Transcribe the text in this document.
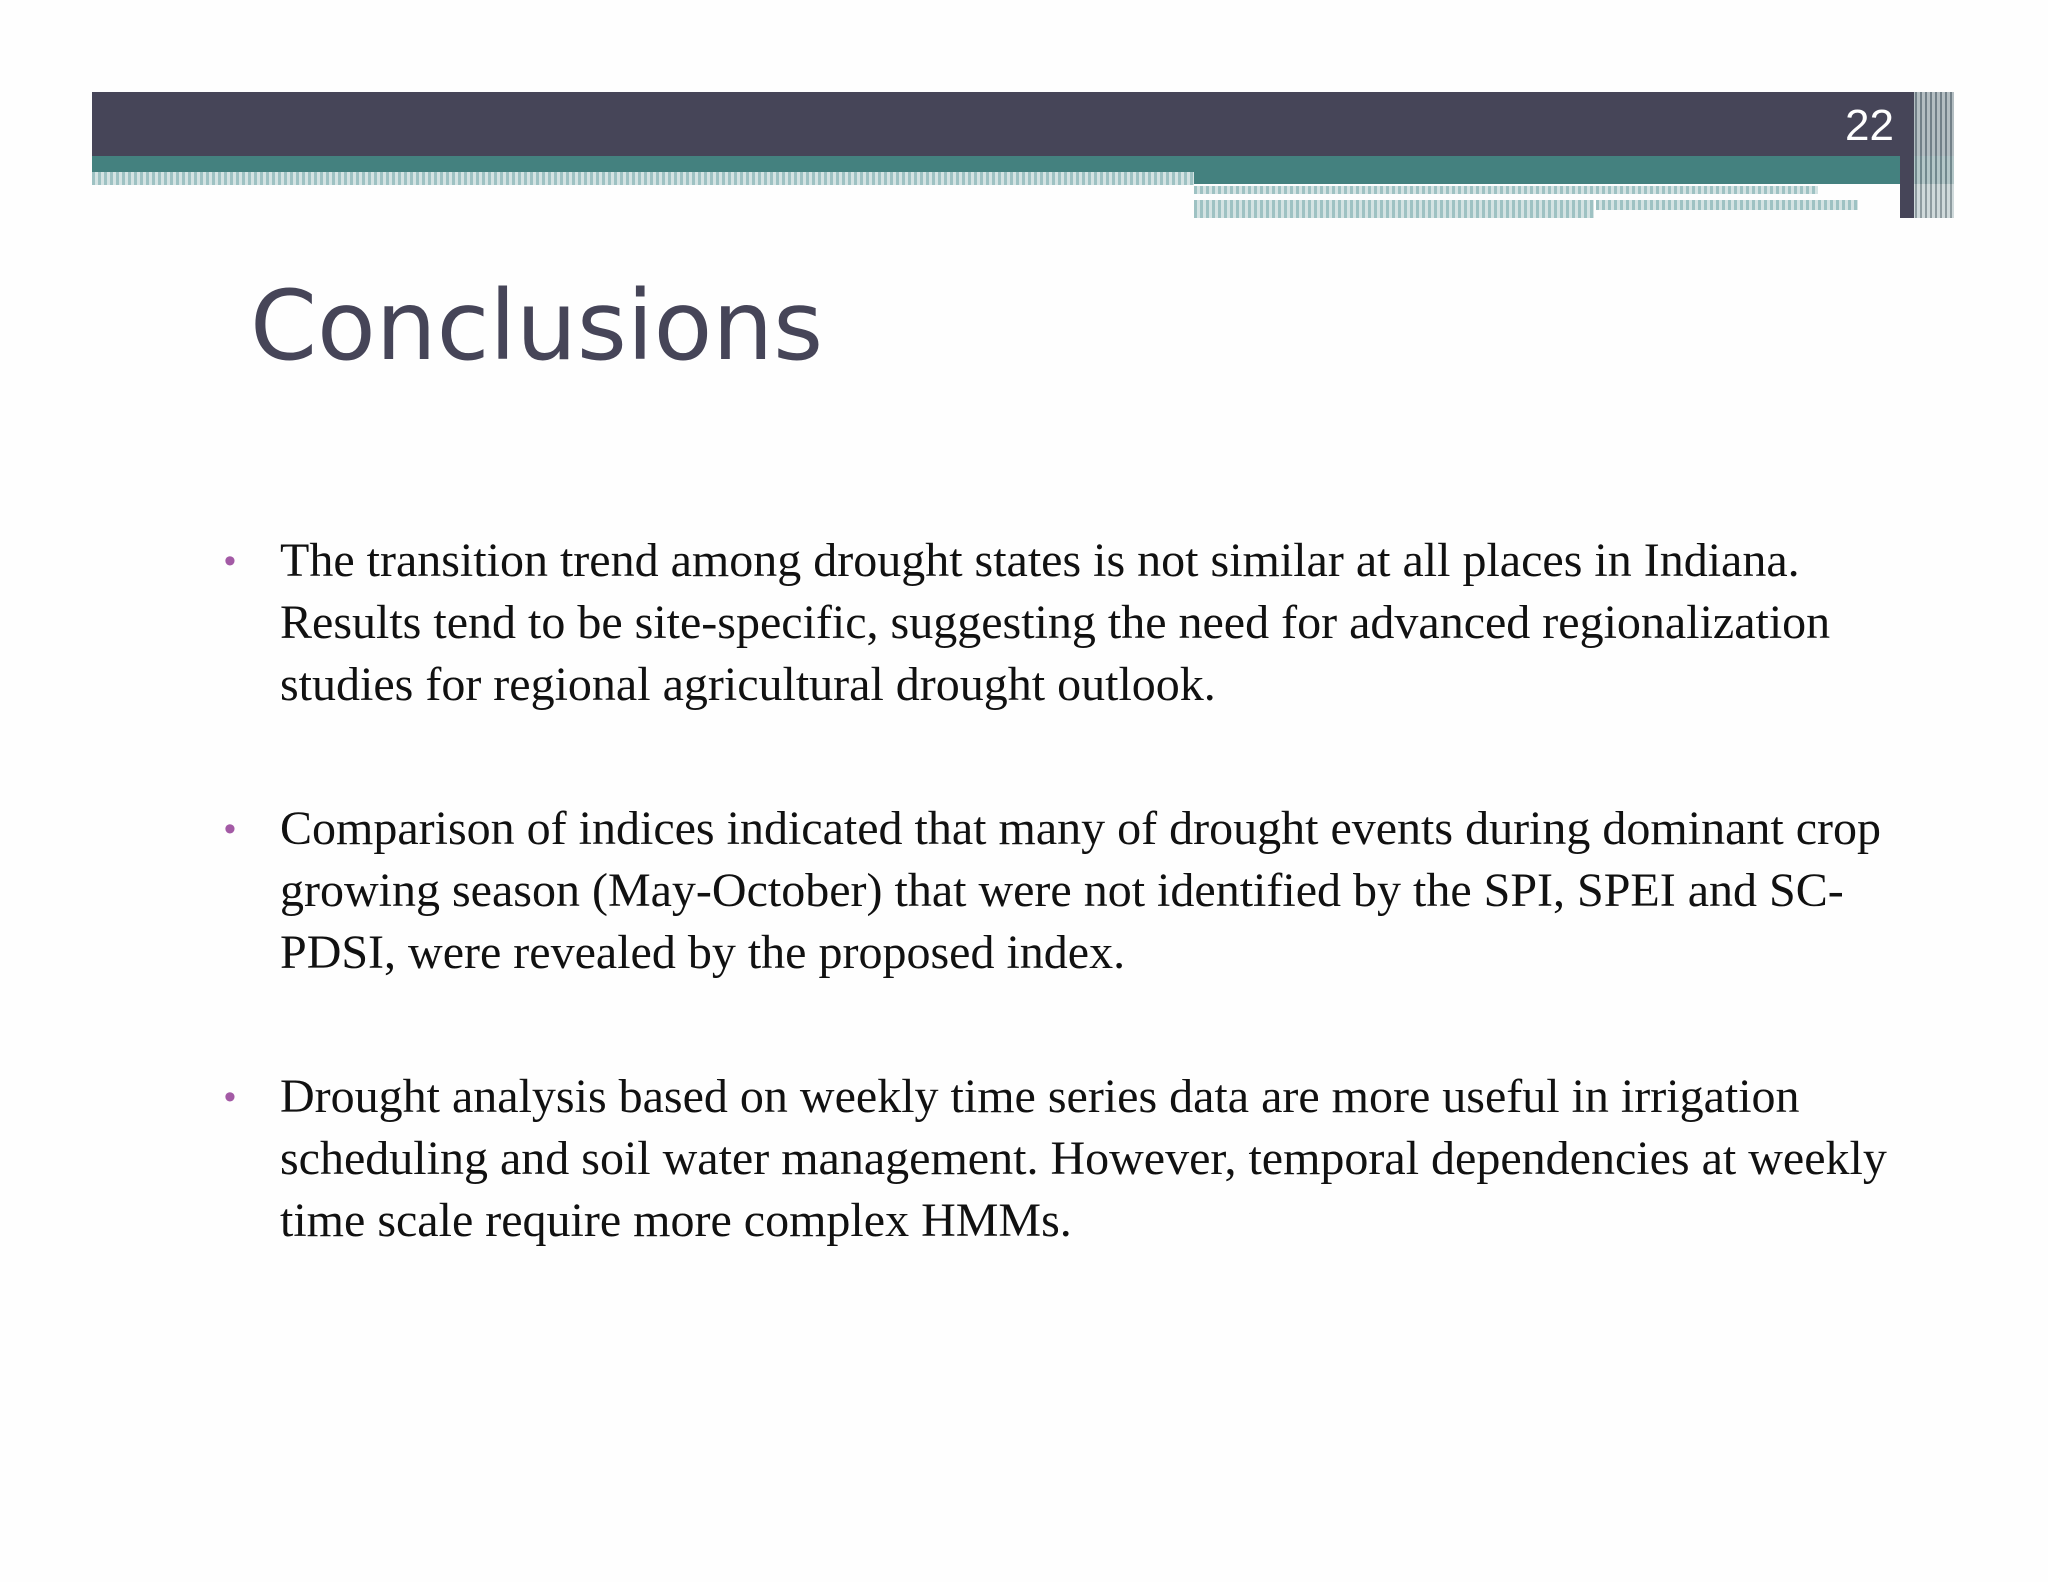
22
Conclusions
• The transition trend among drought states is not similar at all places in Indiana. Results tend to be site-specific, suggesting the need for advanced regionalization studies for regional agricultural drought outlook.
• Comparison of indices indicated that many of drought events during dominant crop growing season (May-October) that were not identified by the SPI, SPEI and SC-PDSI, were revealed by the proposed index.
• Drought analysis based on weekly time series data are more useful in irrigation scheduling and soil water management. However, temporal dependencies at weekly time scale require more complex HMMs.
